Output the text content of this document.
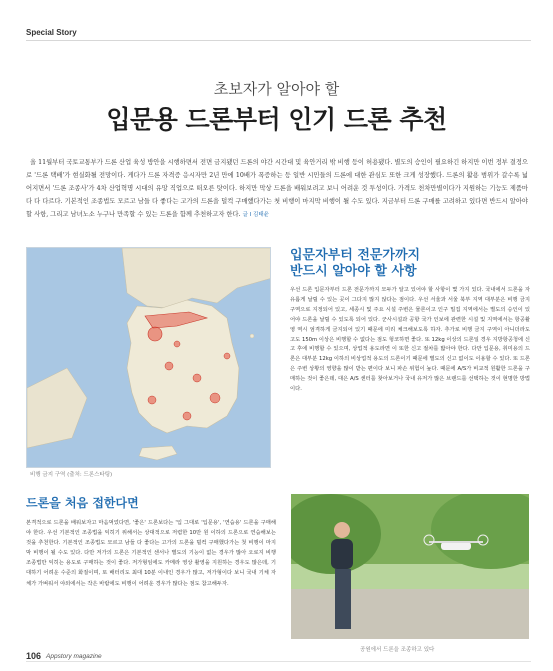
Special Story
초보자가 알아야 할
입문용 드론부터 인기 드론 추천
올 11월부터 국토교통부가 드론 산업 육성 방안을 시행하면서 전면 금지됐던 드론의 야간 시간대 및 육안거리 밖 비행 등이 허용됐다. 별도의 승인이 필요하긴 하지만 이번 정부 결정으로 '드론 택배'가 현실화될 전망이다. 게다가 드론 자격증 응시자만 2년 만에 10배가 폭증하는 등 일반 시민들의 드론에 대한 관심도 또한 크게 성장했다. 드론의 활용 범위가 갈수록 넓어지면서 '드론 조종사'가 4차 산업혁명 시대의 유망 직업으로 떠오른 탓이다. 하지만 막상 드론을 배워보려고 보니 어려운 것 투성이다. 가격도 천차만별이다가 지원하는 기능도 제품마다 다 다르다. 기본적인 조종법도 모르고 남들 다 좋다는 고가의 드론을 덜컥 구매했다가는 첫 비행이 마지막 비행이 될 수도 있다. 지금부터 드론 구매를 고려하고 있다면 반드시 알아야 할 사항, 그리고 남녀노소 누구나 만족할 수 있는 드론을 함께 추천하고자 한다. 글 I 김태윤
비행 금지 구역 (출처: 드론스타팅)
입문자부터 전문가까지
반드시 알아야 할 사항
우선 드론 입문자부터 드론 전문가까지 모두가 알고 있어야 할 사항이 몇 가지 있다. 국내에서 드론을 자유롭게 날릴 수 있는 곳이 그다지 많지 않다는 점이다. 우선 서울과 서울 북부 지역 대부분은 비행 금지 구역으로 지정되어 있고, 세종시 및 주요 시설 주변은 물론이고 인구 밀집 지역에서는 별도의 승인이 있어야 드론을 날릴 수 있도록 되어 있다. 군사시설과 공항 국가 인보에 관련한 시설 및 지역에서는 항공촬영 역시 엄격하게 금지되어 있기 때문에 미리 체크해보도록 하자. 추가로 비행 금지 구역이 아니더라도 고도 150m 이상은 비행할 수 없다는 점도 헝코하면 좋다. 또 12kg 이상의 드론일 경우 지방항공청에 신고 후에 비행할 수 있으며, 상업적 용도라면 이 또한 신고 절차를 밟아야 한다. 다만 입문용, 취미용의 드론은 대부분 12kg 이하의 비상업적 용도의 드론이기 때문에 별도의 신고 없이도 이용할 수 있다. 또 드론은 주변 상황의 영향을 많이 받는 편이다 보니 파손 위험이 높다. 때문에 A/S가 비교적 원활한 드론을 구매하는 것이 좋은데, 대은 A/S 센터를 찾아보거나 국내 유저가 많은 브랜드를 선택하는 것이 현명한 방법이다.
드론을 처음 접한다면
본격적으로 드론을 배워보자고 마음먹었다면, '좋은' 드론보다는 '입 그대로 '입문용', '연습용' 드론을 구매해야 한다. 우선 기본적인 조종법을 익히기 위해서는 상대적으로 저렴한 10만 원 이하의 드론으로 연습해보는 것을 추천한다. 기본적인 조종법도 모르고 남들 다 좋다는 고가의 드론을 덜컥 구매했다가는 첫 비행이 마지막 비행이 될 수도 있다. 다만 저가의 드론은 기본적인 센서나 별도의 기능이 없는 경우가 많아 오로지 비행 조종법만 익히는 용도로 구매하는 것이 좋다. 저가형임에도 카메라 영상 촬영을 지원하는 경우도 많은데, 기대하기 어려운 수준의 화질이며, 또 배터리도 최대 10분 이내인 경우가 많고, 저가형이다 보니 국내 기체 자체가 가벼워서 야외에서는 작은 바람에도 비행이 어려운 경우가 많다는 점도 참고해두자.
공원에서 드론을 조종하고 있다
106 Appstory magazine
